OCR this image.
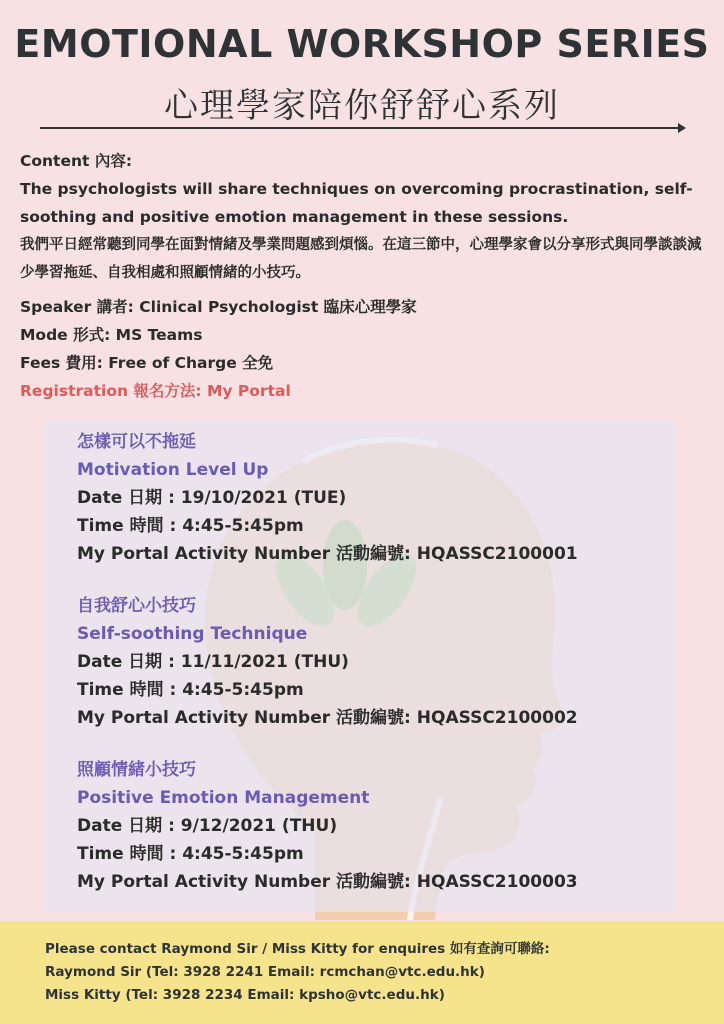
EMOTIONAL WORKSHOP SERIES
心理學家陪你舒舒心系列
Content 內容:
The psychologists will share techniques on overcoming procrastination, self-soothing and positive emotion management in these sessions.
我們平日經常聽到同學在面對情緒及學業問題感到煩惱。在這三節中，心理學家會以分享形式與同學談談減少學習拖延、自我相處和照顧情緒的小技巧。
Speaker 講者: Clinical Psychologist 臨床心理學家
Mode 形式: MS Teams
Fees 費用: Free of Charge 全免
Registration 報名方法: My Portal
怎樣可以不拖延
Motivation Level Up
Date 日期 : 19/10/2021 (TUE)
Time 時間 : 4:45-5:45pm
My Portal Activity Number 活動編號: HQASSC2100001
自我舒心小技巧
Self-soothing Technique
Date 日期 : 11/11/2021 (THU)
Time 時間 : 4:45-5:45pm
My Portal Activity Number 活動編號: HQASSC2100002
照顧情緒小技巧
Positive Emotion Management
Date 日期 : 9/12/2021 (THU)
Time 時間 : 4:45-5:45pm
My Portal Activity Number 活動編號: HQASSC2100003
Please contact Raymond Sir / Miss Kitty for enquires 如有查詢可聯絡:
Raymond Sir (Tel: 3928 2241 Email: rcmchan@vtc.edu.hk)
Miss Kitty (Tel: 3928 2234 Email: kpsho@vtc.edu.hk)
